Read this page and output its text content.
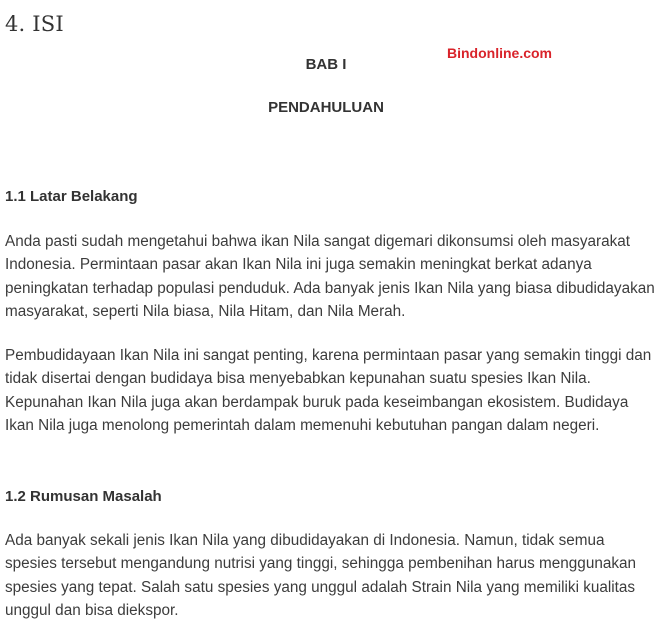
4. ISI
Bindonline.com
BAB I
PENDAHULUAN
1.1 Latar Belakang

Anda pasti sudah mengetahui bahwa ikan Nila sangat digemari dikonsumsi oleh masyarakat Indonesia. Permintaan pasar akan Ikan Nila ini juga semakin meningkat berkat adanya peningkatan terhadap populasi penduduk. Ada banyak jenis Ikan Nila yang biasa dibudidayakan masyarakat, seperti Nila biasa, Nila Hitam, dan Nila Merah.

Pembudidayaan Ikan Nila ini sangat penting, karena permintaan pasar yang semakin tinggi dan tidak disertai dengan budidaya bisa menyebabkan kepunahan suatu spesies Ikan Nila. Kepunahan Ikan Nila juga akan berdampak buruk pada keseimbangan ekosistem. Budidaya Ikan Nila juga menolong pemerintah dalam memenuhi kebutuhan pangan dalam negeri.

1.2 Rumusan Masalah

Ada banyak sekali jenis Ikan Nila yang dibudidayakan di Indonesia. Namun, tidak semua spesies tersebut mengandung nutrisi yang tinggi, sehingga pembenihan harus menggunakan spesies yang tepat. Salah satu spesies yang unggul adalah Strain Nila yang memiliki kualitas unggul dan bisa diekspor.
